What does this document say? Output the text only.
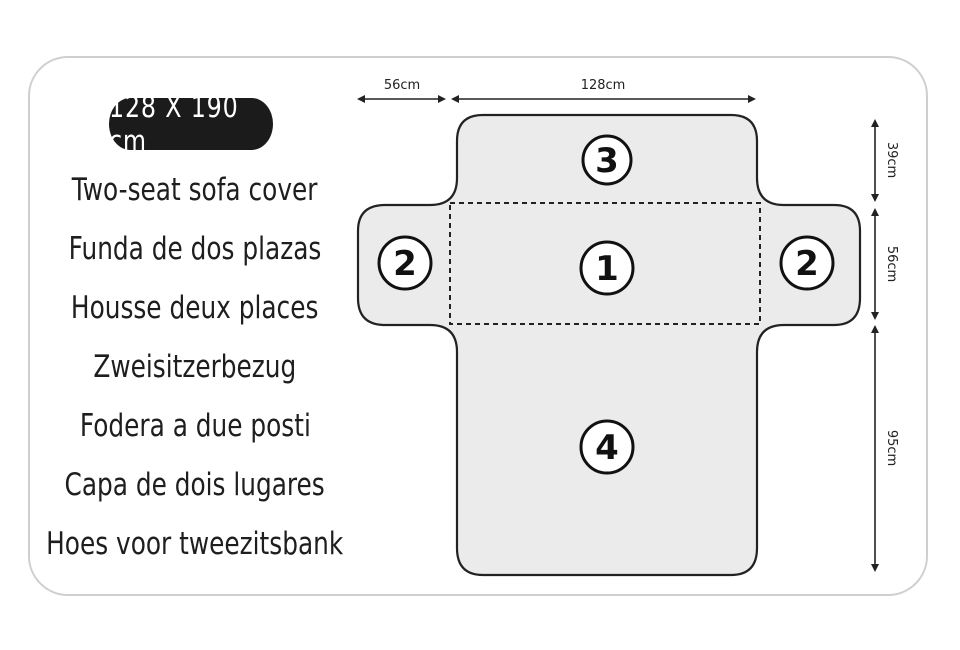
128 X 190 cm
Two-seat sofa cover
Funda de dos plazas
Housse deux places
Zweisitzerbezug
Fodera a due posti
Capa de dois lugares
Hoes voor tweezitsbank
3
1
2	2
4
56cm	128cm
39cm
56cm
95cm
